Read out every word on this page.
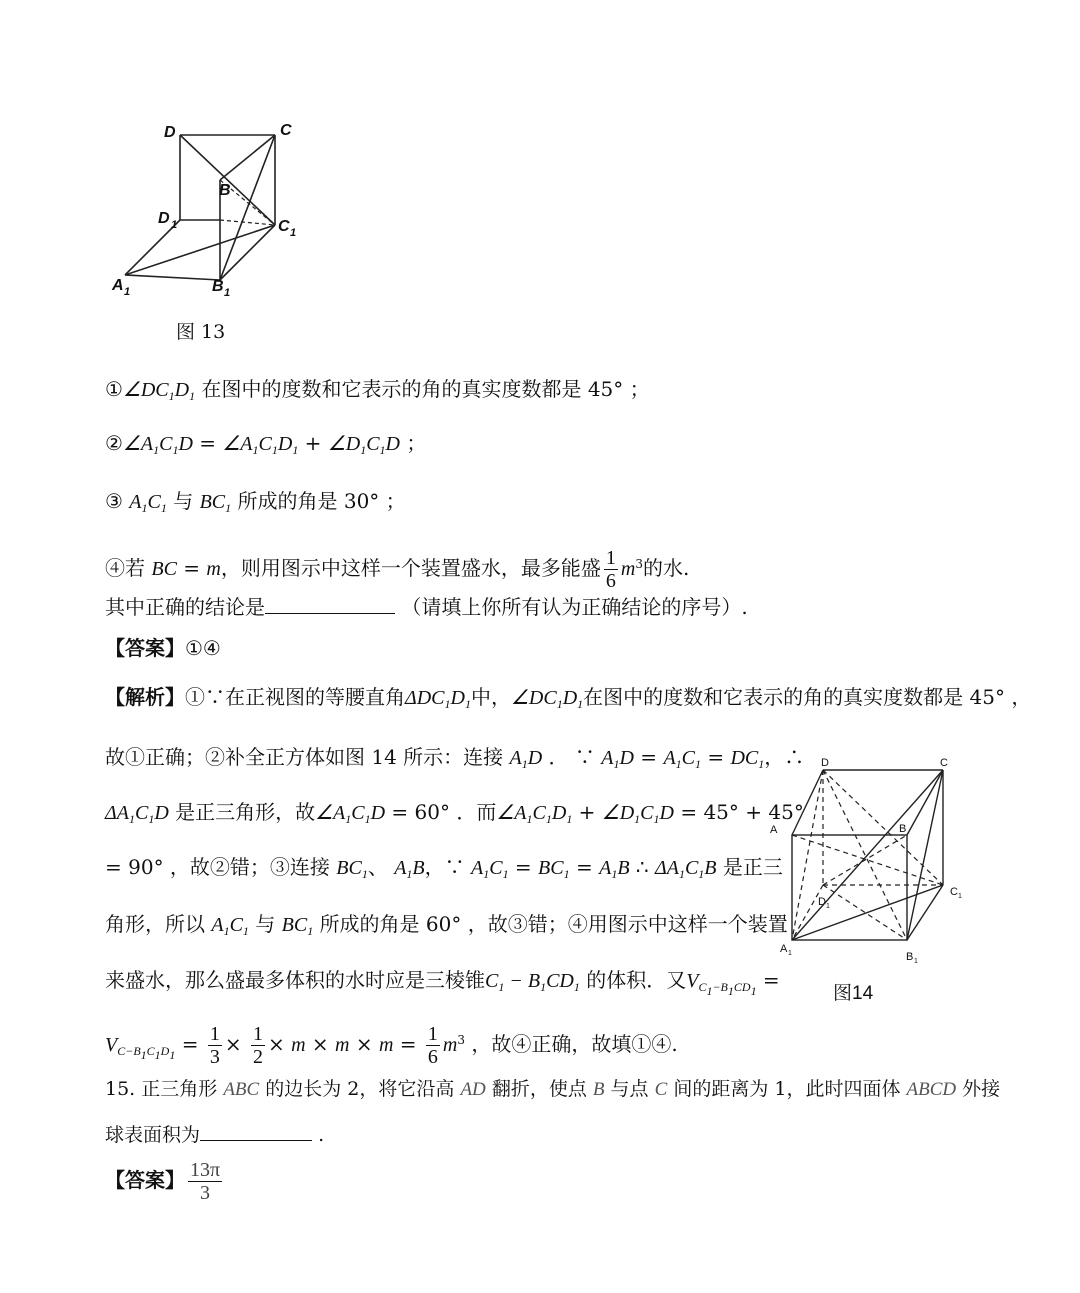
D	C
B
D 1	C 1
A 1	B 1
图 13
$①\angle DC_1D_1$ 在图中的度数和它表示的角的真实度数都是 45° ；
$②\angle A_1C_1D$ = $\angle A_1C_1D_1$ + $\angle D_1C_1D$ ；
③ $A_1C_1$ 与 $BC_1$ 所成的角是 30° ；
④若 BC = m，则用图示中这样一个装置盛水，最多能盛 $\frac{1}{6} m^3$的水.
其中正确的结论是	（请填上你所有认为正确结论的序号）.
【答案】①④
【解析】①∵在正视图的等腰直角$\Delta DC_1D_1$中，$\angle DC_1D_1$在图中的度数和它表示的角的真实度数都是 45° ，
故①正确；②补全正方体如图 14 所示：连接 $A_1D$ ． ∵ $A_1D = A_1C_1 = DC_1$，∴
$\Delta A_1C_1D$ 是正三角形，故$\angle A_1C_1D = 60^\circ$ ．而$\angle A_1C_1D_1$ + $\angle D_1C_1D = 45^\circ + 45^\circ$
= 90° ，故②错；③连接 $BC_1$、 $A_1B$，∵ $A_1C_1 = BC_1 = A_1B$ ∴ $\Delta A_1C_1B$ 是正三
角形，所以 $A_1C_1$ 与 $BC_1$ 所成的角是 60° ，故③错；④用图示中这样一个装置
来盛水，那么盛最多体积的水时应是三棱锥$C_1 - B_1CD_1$ 的体积．又$V_{C_1-B_1CD_1}$ =
$V_{C-B_1C_1D_1} = \frac{1}{3} \times \frac{1}{2} \times m \times m \times m = \frac{1}{6} m^3$ ，故④正确，故填①④.
D	C
A	B
C 1
D 1
A 1	B 1
图14
15. 正三角形 ABC 的边长为 2，将它沿高 AD 翻折，使点 B 与点 C 间的距离为 1，此时四面体 ABCD 外接
球表面积为	.
【答案】 $\frac{13\pi}{3}$
